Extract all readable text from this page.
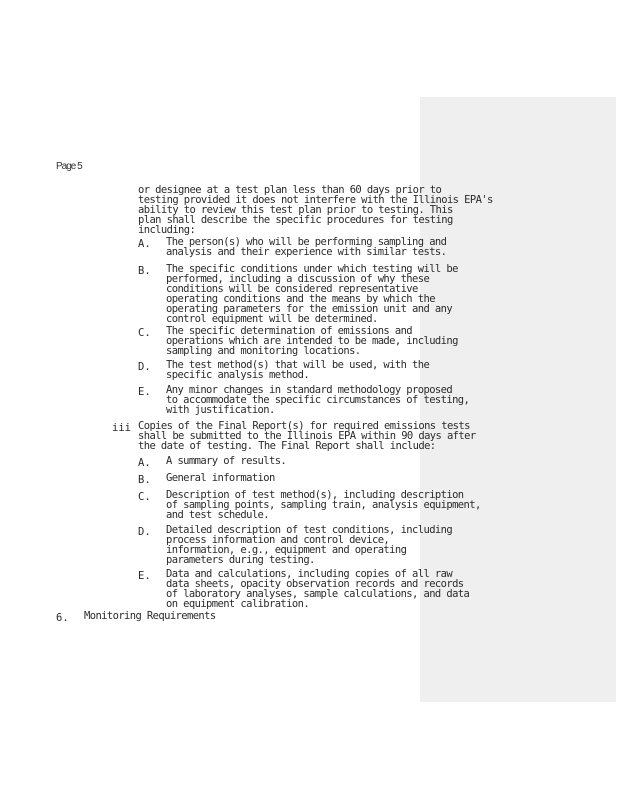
Page 5
or designee at a test plan less than 60 days prior to
testing provided it does not interfere with the Illinois EPA's
ability to review this test plan prior to testing. This
plan shall describe the specific procedures for testing
including:
A. The person(s) who will be performing sampling and
analysis and their experience with similar tests.
B. The specific conditions under which testing will be
performed, including a discussion of why these
conditions will be considered representative
operating conditions and the means by which the
operating parameters for the emission unit and any
control equipment will be determined.
C. The specific determination of emissions and
operations which are intended to be made, including
sampling and monitoring locations.
D. The test method(s) that will be used, with the
specific analysis method.
E. Any minor changes in standard methodology proposed
to accommodate the specific circumstances of testing,
with justification.
iii Copies of the Final Report(s) for required emissions tests
shall be submitted to the Illinois EPA within 90 days after
the date of testing. The Final Report shall include:
A. A summary of results.
B. General information
C. Description of test method(s), including description
of sampling points, sampling train, analysis equipment,
and test schedule.
D. Detailed description of test conditions, including
process information and control device,
information, e.g., equipment and operating
parameters during testing.
E. Data and calculations, including copies of all raw
data sheets, opacity observation records and records
of laboratory analyses, sample calculations, and data
on equipment calibration.
6. Monitoring Requirements
